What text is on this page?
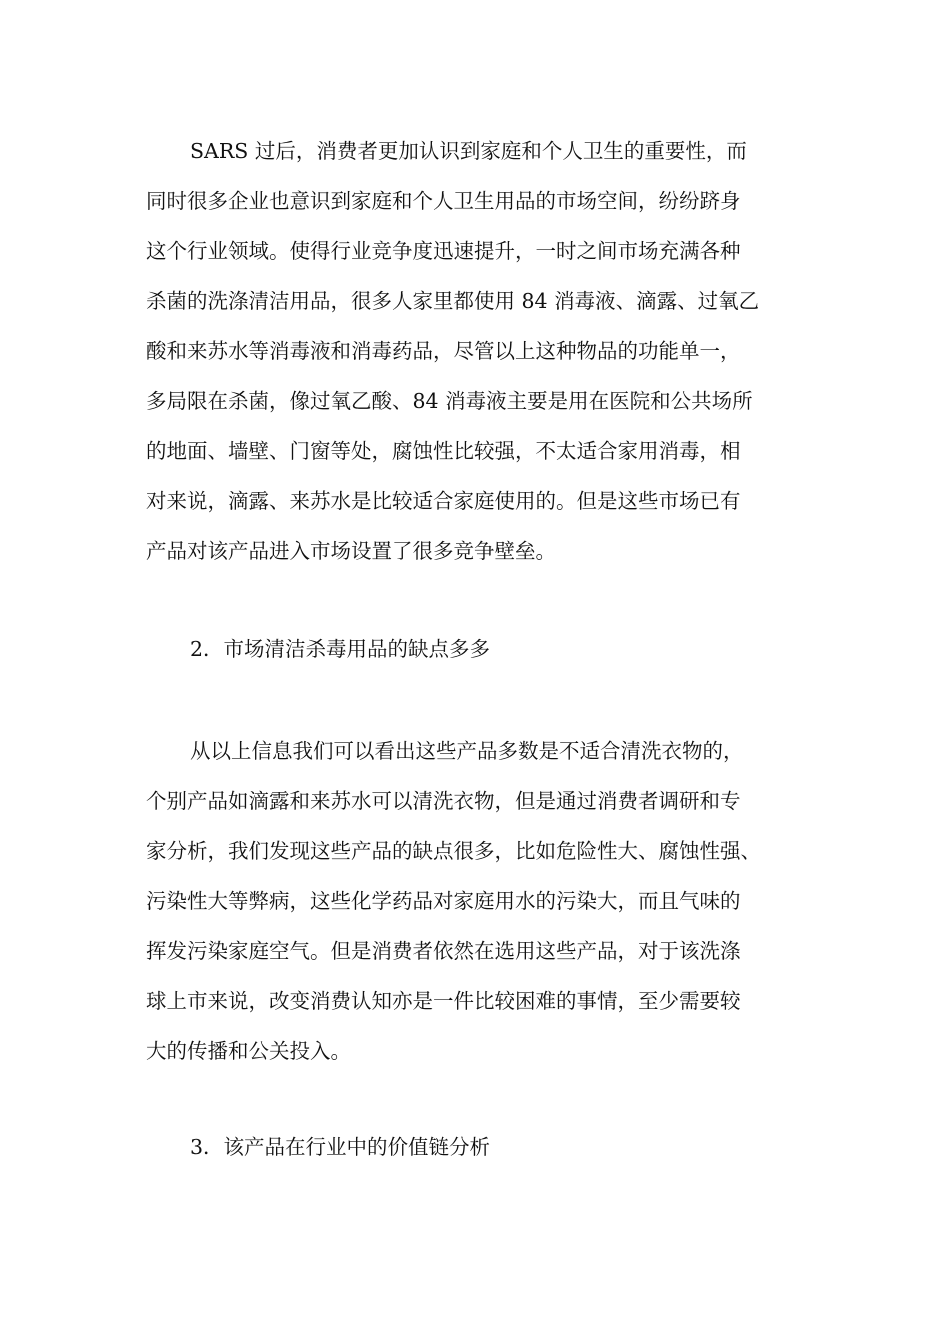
SARS 过后，消费者更加认识到家庭和个人卫生的重要性，而
同时很多企业也意识到家庭和个人卫生用品的市场空间，纷纷跻身
这个行业领域。使得行业竞争度迅速提升，一时之间市场充满各种
杀菌的洗涤清洁用品，很多人家里都使用 84 消毒液、滴露、过氧乙
酸和来苏水等消毒液和消毒药品，尽管以上这种物品的功能单一，
多局限在杀菌，像过氧乙酸、84 消毒液主要是用在医院和公共场所
的地面、墙壁、门窗等处，腐蚀性比较强，不太适合家用消毒，相
对来说，滴露、来苏水是比较适合家庭使用的。但是这些市场已有
产品对该产品进入市场设置了很多竞争壁垒。
2．市场清洁杀毒用品的缺点多多
从以上信息我们可以看出这些产品多数是不适合清洗衣物的，
个别产品如滴露和来苏水可以清洗衣物，但是通过消费者调研和专
家分析，我们发现这些产品的缺点很多，比如危险性大、腐蚀性强、
污染性大等弊病，这些化学药品对家庭用水的污染大，而且气味的
挥发污染家庭空气。但是消费者依然在选用这些产品，对于该洗涤
球上市来说，改变消费认知亦是一件比较困难的事情，至少需要较
大的传播和公关投入。
3．该产品在行业中的价值链分析
